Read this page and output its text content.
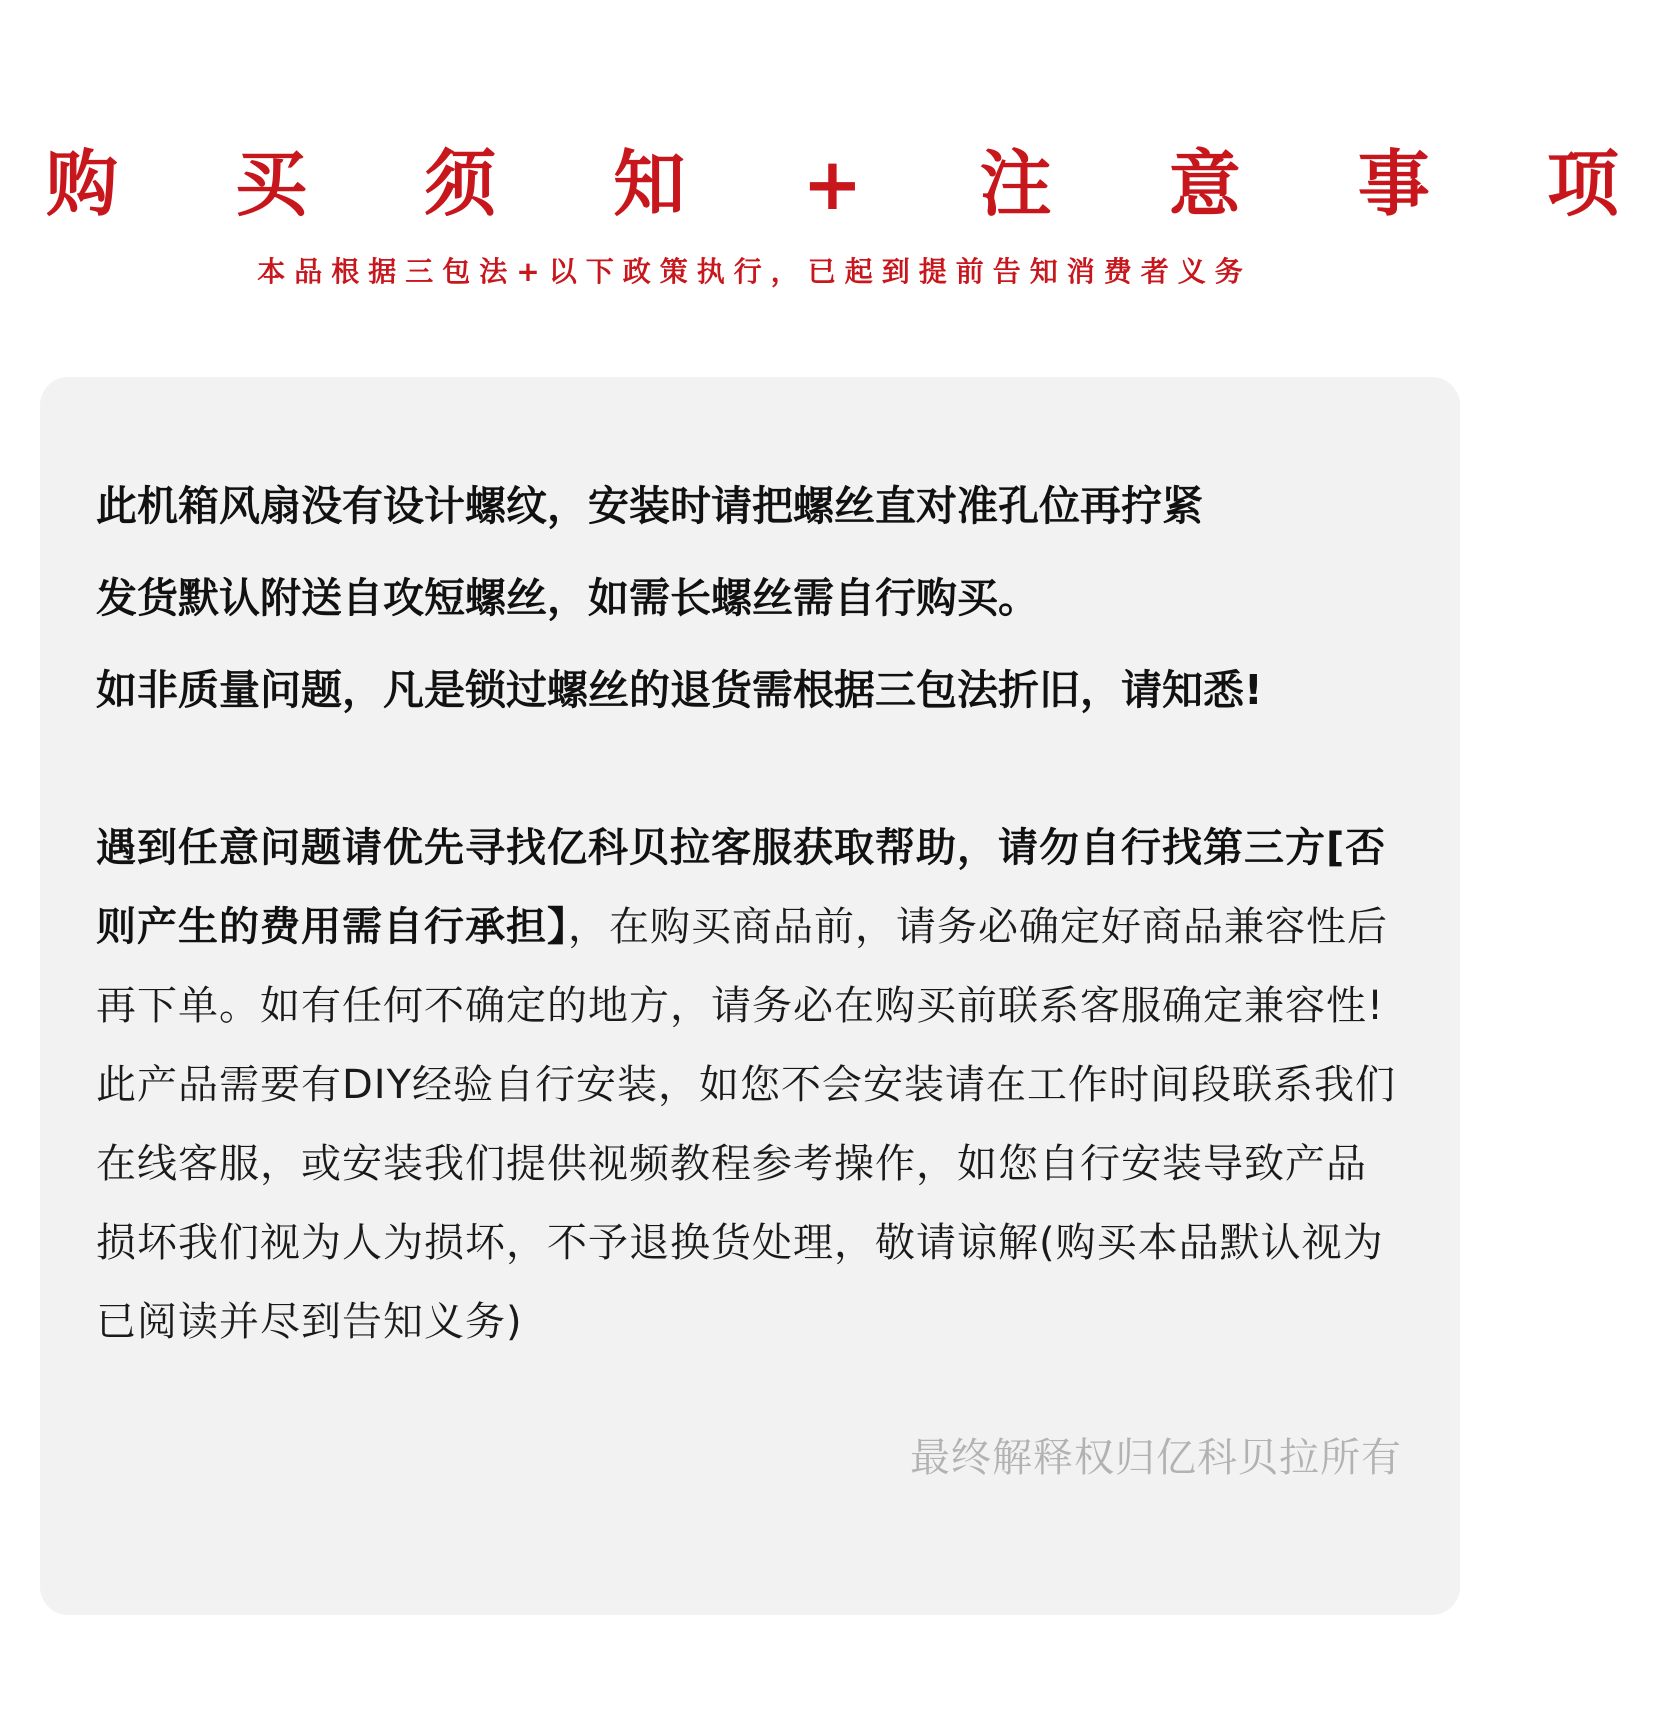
购 买 须 知 + 注 意 事 项
本品根据三包法+以下政策执行，已起到提前告知消费者义务

此机箱风扇没有设计螺纹，安装时请把螺丝直对准孔位再拧紧

发货默认附送自攻短螺丝，如需长螺丝需自行购买。

如非质量问题，凡是锁过螺丝的退货需根据三包法折旧，请知悉!

遇到任意问题请优先寻找亿科贝拉客服获取帮助，请勿自行找第三方[否则产生的费用需自行承担】，在购买商品前，请务必确定好商品兼容性后再下单。如有任何不确定的地方，请务必在购买前联系客服确定兼容性!此产品需要有DIY经验自行安装，如您不会安装请在工作时间段联系我们在线客服，或安装我们提供视频教程参考操作，如您自行安装导致产品损坏我们视为人为损坏，不予退换货处理，敬请谅解(购买本品默认视为已阅读并尽到告知义务)
最终解释权归亿科贝拉所有
